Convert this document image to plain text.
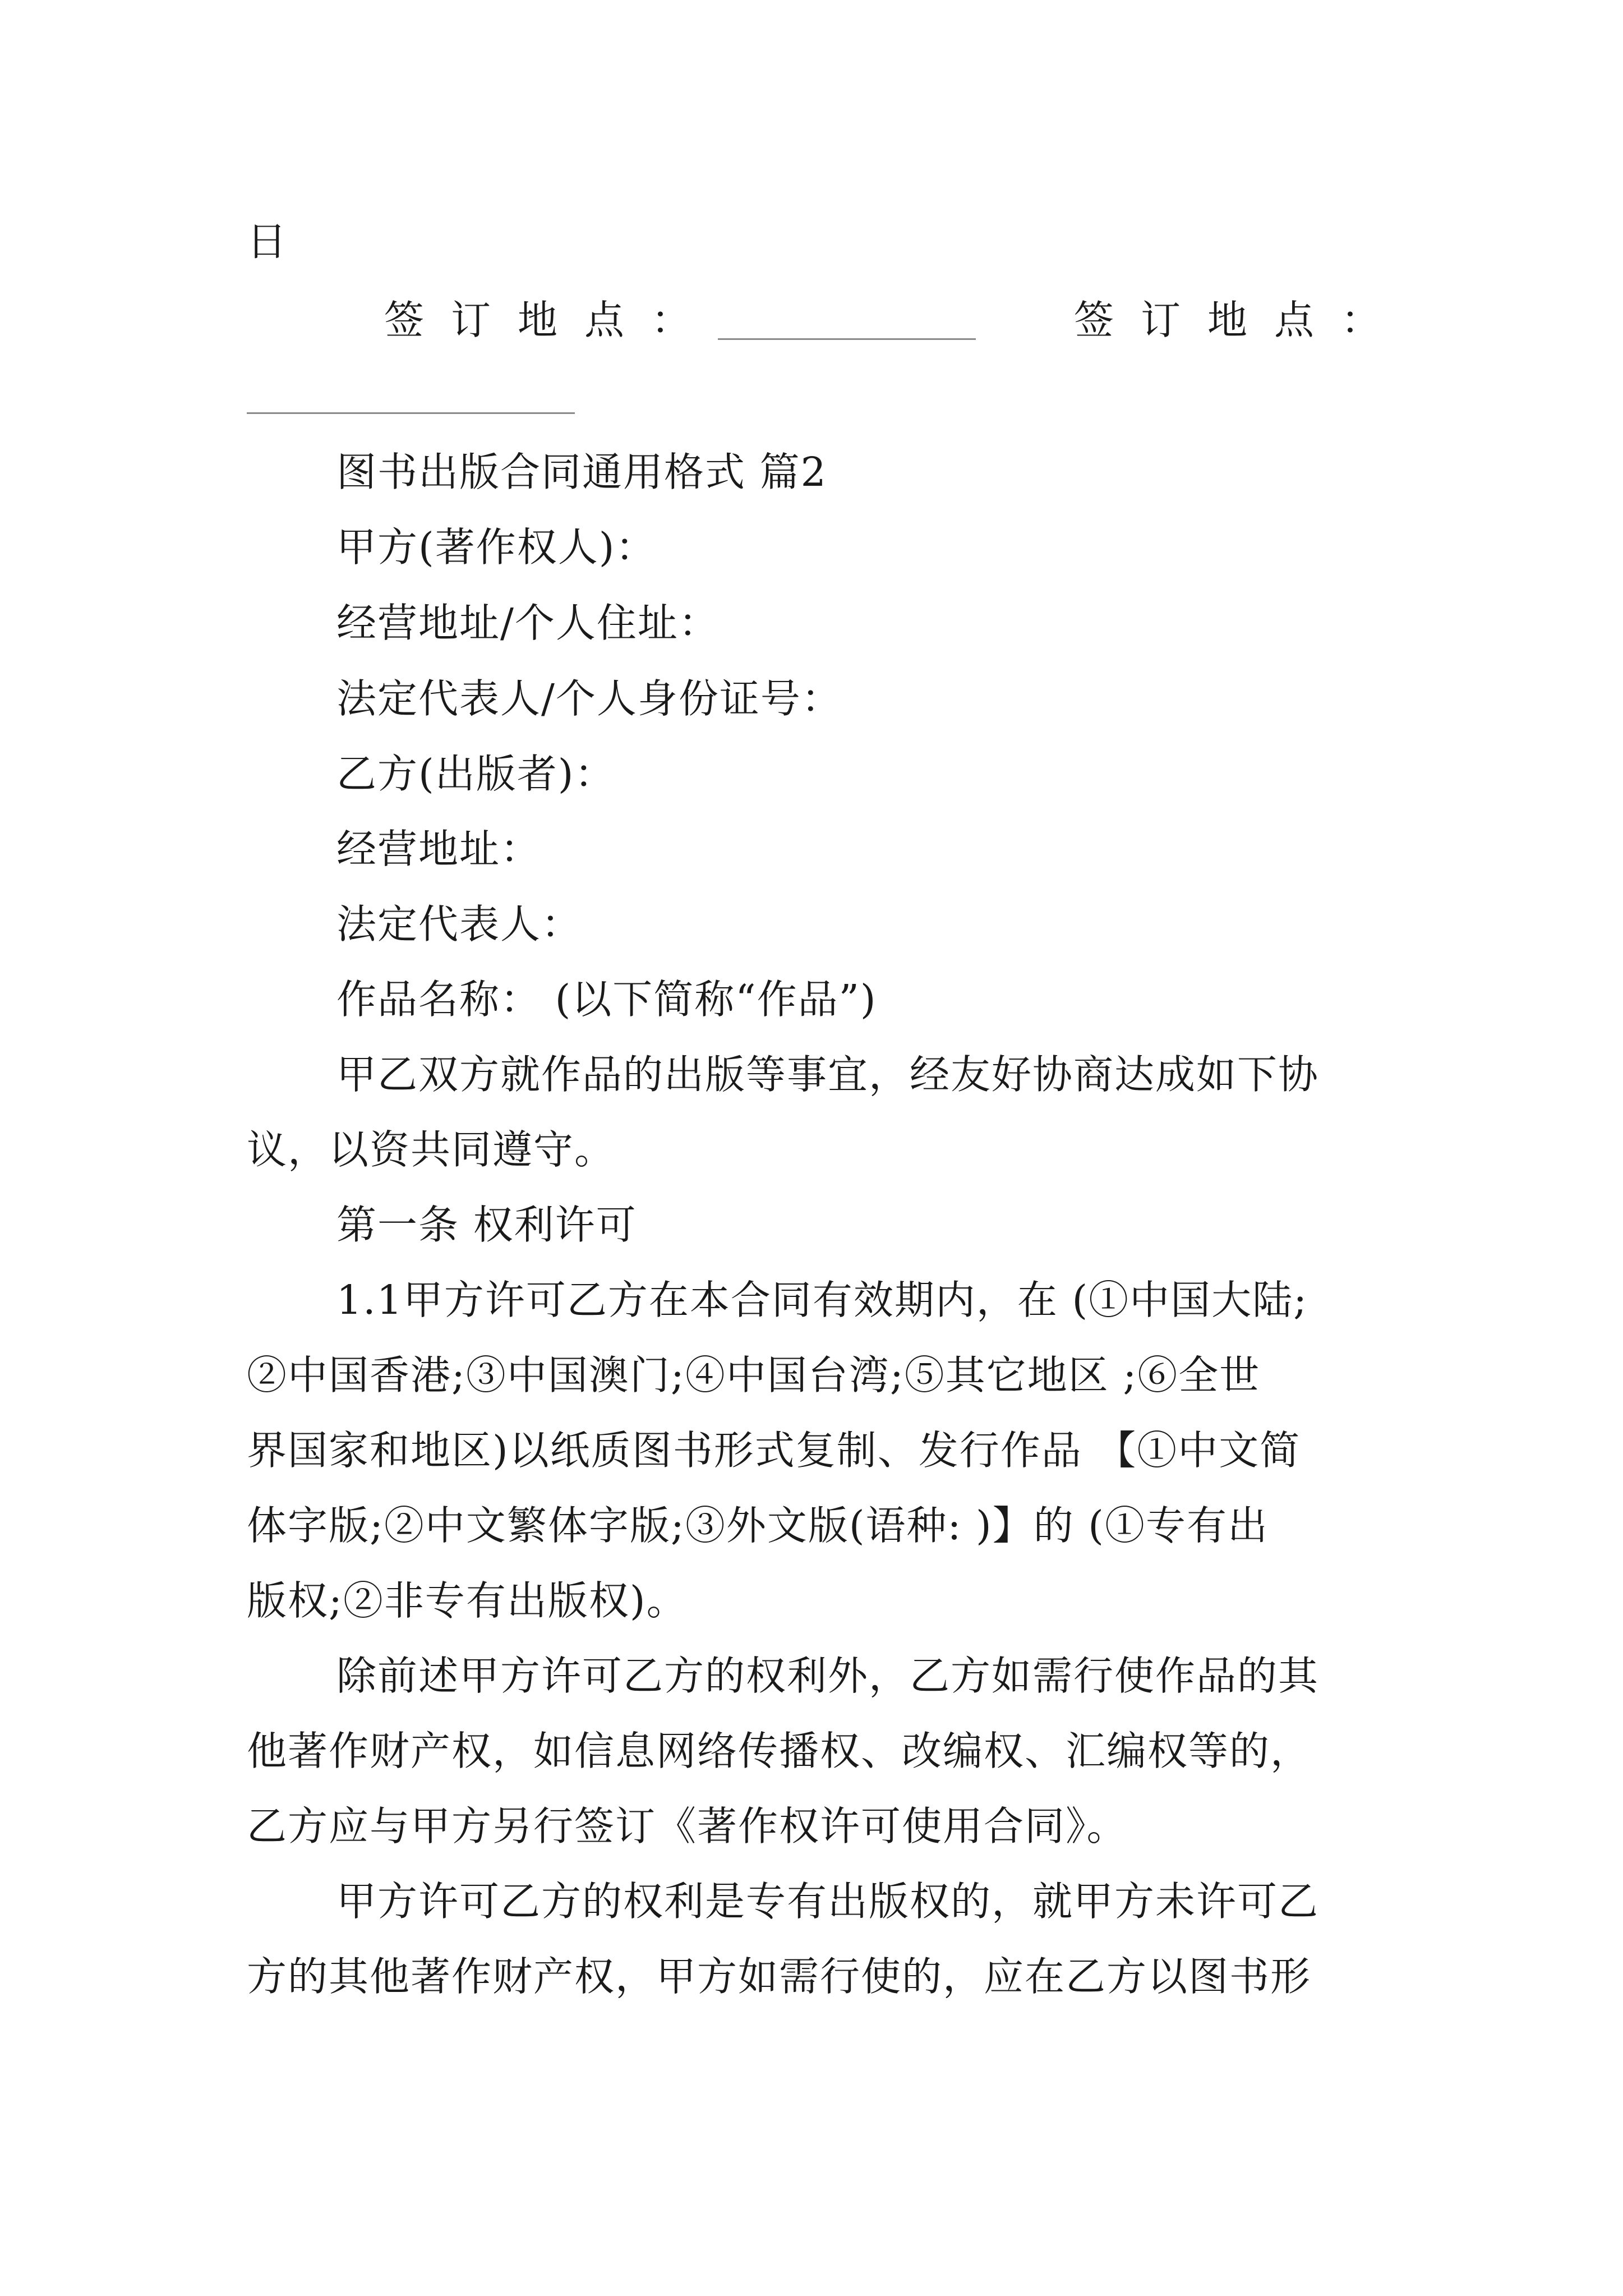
日
签订地点：	签订地点：
图书出版合同通用格式 篇2
甲方(著作权人)：
经营地址/个人住址：
法定代表人/个人身份证号：
乙方(出版者)：
经营地址：
法定代表人：
作品名称： (以下简称“作品”)
甲乙双方就作品的出版等事宜，经友好协商达成如下协
议，以资共同遵守。
第一条 权利许可
1.1甲方许可乙方在本合同有效期内，在 (①中国大陆;
②中国香港;③中国澳门;④中国台湾;⑤其它地区 ;⑥全世
界国家和地区)以纸质图书形式复制、发行作品 【①中文简
体字版;②中文繁体字版;③外文版(语种: )】的 (①专有出
版权;②非专有出版权)。
除前述甲方许可乙方的权利外，乙方如需行使作品的其
他著作财产权，如信息网络传播权、改编权、汇编权等的，
乙方应与甲方另行签订《著作权许可使用合同》。
甲方许可乙方的权利是专有出版权的，就甲方未许可乙
方的其他著作财产权，甲方如需行使的，应在乙方以图书形
